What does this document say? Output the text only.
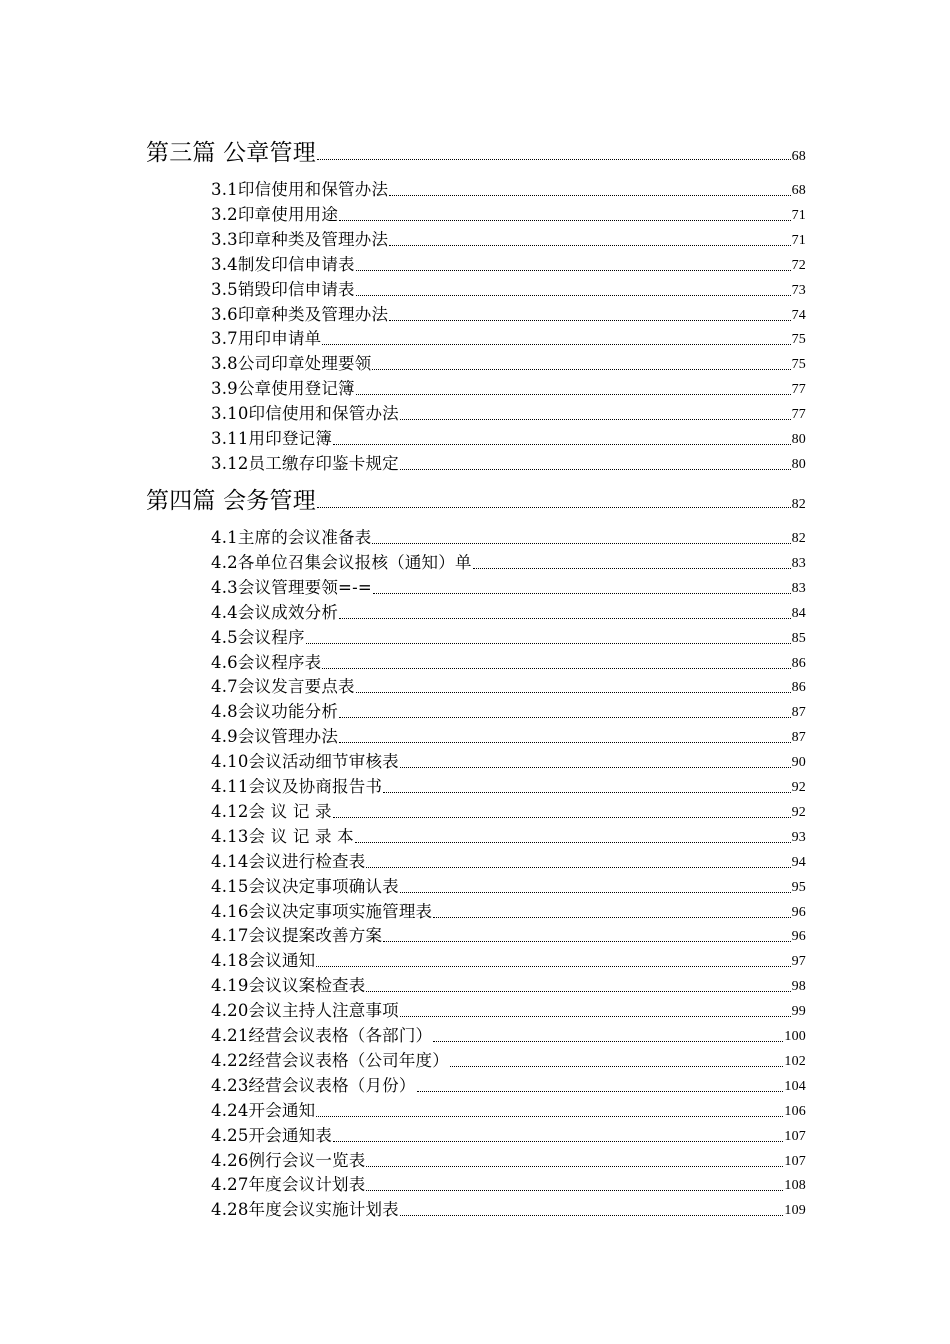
第三篇 公章管理	68
3.1印信使用和保管办法	68
3.2印章使用用途	71
3.3印章种类及管理办法	71
3.4制发印信申请表	72
3.5销毁印信申请表	73
3.6印章种类及管理办法	74
3.7用印申请单	75
3.8公司印章处理要领	75
3.9公章使用登记簿	77
3.10印信使用和保管办法	77
3.11用印登记簿	80
3.12员工缴存印鉴卡规定	80
第四篇 会务管理	82
4.1主席的会议准备表	82
4.2各单位召集会议报核（通知）单	83
4.3会议管理要领=-=	83
4.4会议成效分析	84
4.5会议程序	85
4.6会议程序表	86
4.7会议发言要点表	86
4.8会议功能分析	87
4.9会议管理办法	87
4.10会议活动细节审核表	90
4.11会议及协商报告书	92
4.12会 议 记 录	92
4.13会 议 记 录 本	93
4.14会议进行检查表	94
4.15会议决定事项确认表	95
4.16会议决定事项实施管理表	96
4.17会议提案改善方案	96
4.18会议通知	97
4.19会议议案检查表	98
4.20会议主持人注意事项	99
4.21经营会议表格（各部门）	100
4.22经营会议表格（公司年度）	102
4.23经营会议表格（月份）	104
4.24开会通知	106
4.25开会通知表	107
4.26例行会议一览表	107
4.27年度会议计划表	108
4.28年度会议实施计划表	109
